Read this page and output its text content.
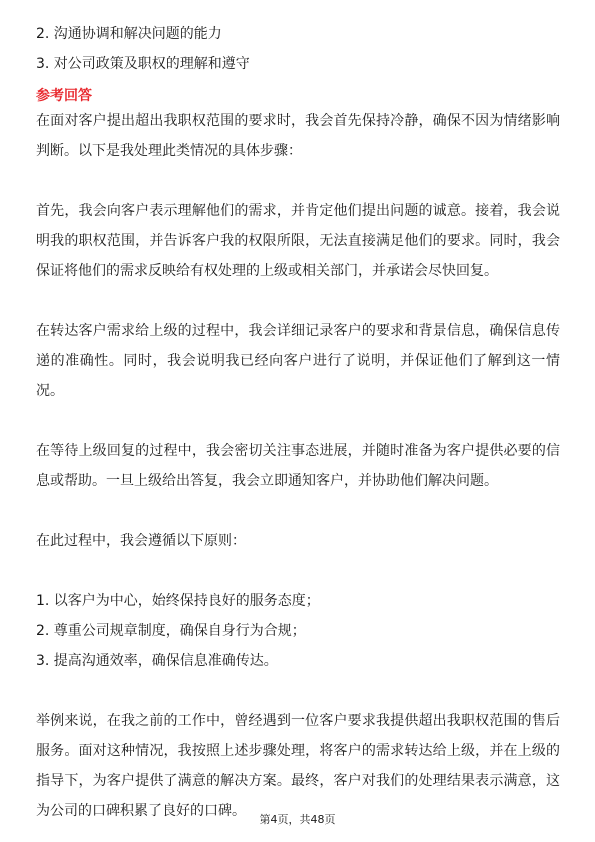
2. 沟通协调和解决问题的能力

3. 对公司政策及职权的理解和遵守

参考回答

在面对客户提出超出我职权范围的要求时，我会首先保持冷静，确保不因为情绪影响判断。以下是我处理此类情况的具体步骤：

首先，我会向客户表示理解他们的需求，并肯定他们提出问题的诚意。接着，我会说明我的职权范围，并告诉客户我的权限所限，无法直接满足他们的要求。同时，我会保证将他们的需求反映给有权处理的上级或相关部门，并承诺会尽快回复。

在转达客户需求给上级的过程中，我会详细记录客户的要求和背景信息，确保信息传递的准确性。同时，我会说明我已经向客户进行了说明，并保证他们了解到这一情况。

在等待上级回复的过程中，我会密切关注事态进展，并随时准备为客户提供必要的信息或帮助。一旦上级给出答复，我会立即通知客户，并协助他们解决问题。

在此过程中，我会遵循以下原则：

1. 以客户为中心，始终保持良好的服务态度；

2. 尊重公司规章制度，确保自身行为合规；

3. 提高沟通效率，确保信息准确传达。

举例来说，在我之前的工作中，曾经遇到一位客户要求我提供超出我职权范围的售后服务。面对这种情况，我按照上述步骤处理，将客户的需求转达给上级，并在上级的指导下，为客户提供了满意的解决方案。最终，客户对我们的处理结果表示满意，这为公司的口碑积累了良好的口碑。

第4页，共48页
